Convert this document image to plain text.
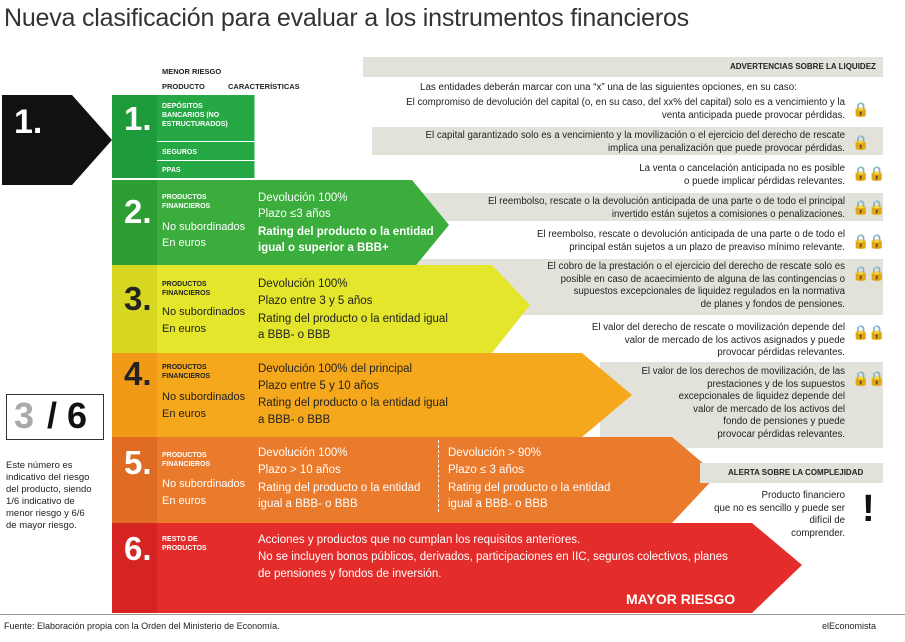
Nueva clasificación para evaluar a los instrumentos financieros
1.
3 / 6
Este número es
indicativo del riesgo
del producto, siendo
1/6 indicativo de
menor riesgo y 6/6
de mayor riesgo.
MENOR RIESGO
PRODUCTO	CARACTERÍSTICAS
1.
2.
3.
4.
5.
6.
DEPÓSITOS BANCARIOS (NO ESTRUCTURADOS)
SEGUROS
PPAS
PRODUCTOS FINANCIEROS
No subordinados
En euros
Devolución 100%
Plazo ≤3 años
Rating del producto o la entidad
igual o superior a BBB+
PRODUCTOS FINANCIEROS
No subordinados
En euros
Devolución 100%
Plazo entre 3 y 5 años
Rating del producto o la entidad igual
a BBB- o BBB
PRODUCTOS FINANCIEROS
No subordinados
En euros
Devolución 100% del principal
Plazo entre 5 y 10 años
Rating del producto o la entidad igual
a BBB- o BBB
PRODUCTOS FINANCIEROS
No subordinados
En euros
Devolución 100%
Plazo > 10 años
Rating del producto o la entidad
igual a BBB- o BBB
Devolución > 90%
Plazo ≤ 3 años
Rating del producto o la entidad
igual a BBB- o BBB
RESTO DE PRODUCTOS
Acciones y productos que no cumplan los requisitos anteriores.
No se incluyen bonos públicos, derivados, participaciones en IIC, seguros colectivos, planes
de pensiones y fondos de inversión.
MAYOR RIESGO
ADVERTENCIAS SOBRE LA LIQUIDEZ
Las entidades deberán marcar con una “x” una de las siguientes opciones, en su caso:
El compromiso de devolución del capital (o, en su caso, del xx% del capital) solo es a vencimiento y la
venta anticipada puede provocar pérdidas. 🔒
El capital garantizado solo es a vencimiento y la movilización o el ejercicio del derecho de rescate
implica una penalización que puede provocar pérdidas. 🔒
La venta o cancelación anticipada no es posible
o puede implicar pérdidas relevantes. 🔒🔒
El reembolso, rescate o la devolución anticipada de una parte o de todo el principal
invertido están sujetos a comisiones o penalizaciones. 🔒🔒
El reembolso, rescate o devolución anticipada de una parte o de todo el
principal están sujetos a un plazo de preaviso mínimo relevante. 🔒🔒
El cobro de la prestación o el ejercicio del derecho de rescate solo es
posible en caso de acaecimiento de alguna de las contingencias o
supuestos excepcionales de liquidez regulados en la normativa
de planes y fondos de pensiones.
🔒🔒
El valor del derecho de rescate o movilización depende del
valor de mercado de los activos asignados y puede
provocar pérdidas relevantes.
🔒🔒
El valor de los derechos de movilización, de las
prestaciones y de los supuestos
excepcionales de liquidez depende del
valor de mercado de los activos del
fondo de pensiones y puede
provocar pérdidas relevantes.
🔒🔒
ALERTA SOBRE LA COMPLEJIDAD
Producto financiero
que no es sencillo y puede ser
difícil de
comprender.
!
Fuente: Elaboración propia con la Orden del Ministerio de Economía.	elEconomista
